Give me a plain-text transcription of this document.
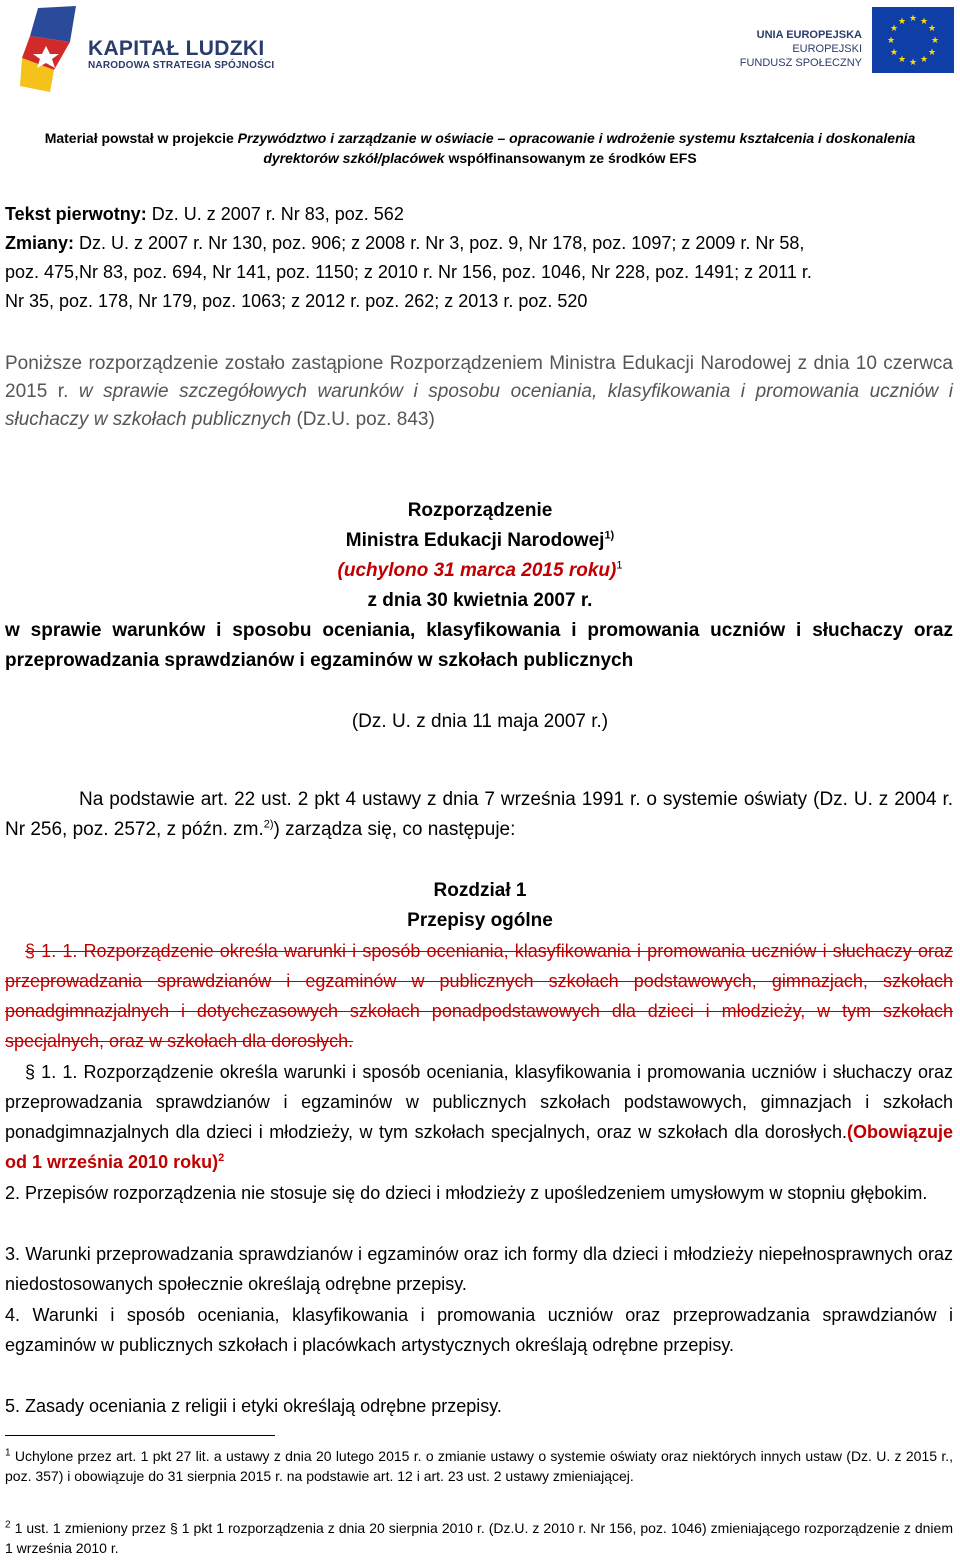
KAPITAŁ LUDZKI
NARODOWA STRATEGIA SPÓJNOŚCI
UNIA EUROPEJSKA
EUROPEJSKI
FUNDUSZ SPOŁECZNY
★ ★
★
★
★
★
★
★
★
★
★
★
Materiał powstał w projekcie Przywództwo i zarządzanie w oświacie – opracowanie i wdrożenie systemu kształcenia i doskonalenia
dyrektorów szkół/placówek współfinansowanym ze środków EFS
Tekst pierwotny: Dz. U. z 2007 r. Nr 83, poz. 562
Zmiany: Dz. U. z 2007 r. Nr 130, poz. 906; z 2008 r. Nr 3, poz. 9, Nr 178, poz. 1097; z 2009 r. Nr 58,
poz. 475,Nr 83, poz. 694, Nr 141, poz. 1150; z 2010 r. Nr 156, poz. 1046, Nr 228, poz. 1491; z 2011 r.
Nr 35, poz. 178, Nr 179, poz. 1063; z 2012 r. poz. 262; z 2013 r. poz. 520
Poniższe rozporządzenie zostało zastąpione Rozporządzeniem Ministra Edukacji Narodowej z dnia 10 czerwca 2015 r. w sprawie szczegółowych warunków i sposobu oceniania, klasyfikowania i promowania uczniów i słuchaczy w szkołach publicznych (Dz.U. poz. 843)
Rozporządzenie
Ministra Edukacji Narodowej$^{1)}$
(uchylono 31 marca 2015 roku)$^1$
z dnia 30 kwietnia 2007 r.
w sprawie warunków i sposobu oceniania, klasyfikowania i promowania uczniów i słuchaczy oraz przeprowadzania sprawdzianów i egzaminów w szkołach publicznych
(Dz. U. z dnia 11 maja 2007 r.)
Na podstawie art. 22 ust. 2 pkt 4 ustawy z dnia 7 września 1991 r. o systemie oświaty (Dz. U. z 2004 r. Nr 256, poz. 2572, z późn. zm.$^{2)}$) zarządza się, co następuje:
Rozdział 1
Przepisy ogólne
§ 1. 1. Rozporządzenie określa warunki i sposób oceniania, klasyfikowania i promowania uczniów i słuchaczy oraz przeprowadzania sprawdzianów i egzaminów w publicznych szkołach podstawowych, gimnazjach, szkołach ponadgimnazjalnych i dotychczasowych szkołach ponadpodstawowych dla dzieci i młodzieży, w tym szkołach specjalnych, oraz w szkołach dla dorosłych.
§ 1. 1. Rozporządzenie określa warunki i sposób oceniania, klasyfikowania i promowania uczniów i słuchaczy oraz przeprowadzania sprawdzianów i egzaminów w publicznych szkołach podstawowych, gimnazjach i szkołach ponadgimnazjalnych dla dzieci i młodzieży, w tym szkołach specjalnych, oraz w szkołach dla dorosłych.(Obowiązuje od 1 września 2010 roku)$^2$
2. Przepisów rozporządzenia nie stosuje się do dzieci i młodzieży z upośledzeniem umysłowym w stopniu głębokim.
3. Warunki przeprowadzania sprawdzianów i egzaminów oraz ich formy dla dzieci i młodzieży niepełnosprawnych oraz niedostosowanych społecznie określają odrębne przepisy.
4. Warunki i sposób oceniania, klasyfikowania i promowania uczniów oraz przeprowadzania sprawdzianów i egzaminów w publicznych szkołach i placówkach artystycznych określają odrębne przepisy.
5. Zasady oceniania z religii i etyki określają odrębne przepisy.
$^1$ Uchylone przez art. 1 pkt 27 lit. a ustawy z dnia 20 lutego 2015 r. o zmianie ustawy o systemie oświaty oraz niektórych innych ustaw (Dz. U. z 2015 r., poz. 357) i obowiązuje do 31 sierpnia 2015 r. na podstawie art. 12 i art. 23 ust. 2 ustawy zmieniającej.
$^2$ 1 ust. 1 zmieniony przez § 1 pkt 1 rozporządzenia z dnia 20 sierpnia 2010 r. (Dz.U. z 2010 r. Nr 156, poz. 1046) zmieniającego rozporządzenie z dniem 1 września 2010 r.
